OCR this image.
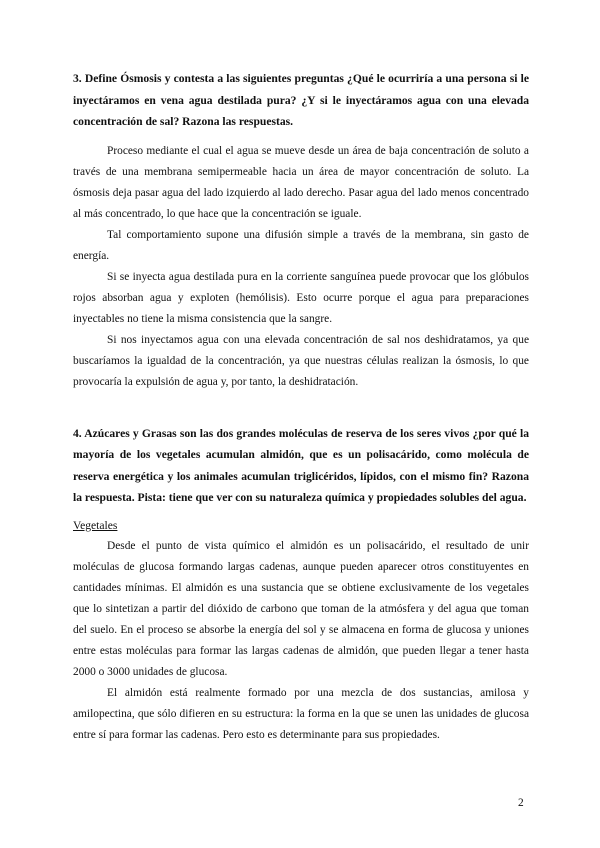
3. Define Ósmosis y contesta a las siguientes preguntas ¿Qué le ocurriría a una persona si le inyectáramos en vena agua destilada pura? ¿Y si le inyectáramos agua con una elevada concentración de sal? Razona las respuestas.

Proceso mediante el cual el agua se mueve desde un área de baja concentración de soluto a través de una membrana semipermeable hacia un área de mayor concentración de soluto. La ósmosis deja pasar agua del lado izquierdo al lado derecho. Pasar agua del lado menos concentrado al más concentrado, lo que hace que la concentración se iguale.

Tal comportamiento supone una difusión simple a través de la membrana, sin gasto de energía.

Si se inyecta agua destilada pura en la corriente sanguínea puede provocar que los glóbulos rojos absorban agua y exploten (hemólisis). Esto ocurre porque el agua para preparaciones inyectables no tiene la misma consistencia que la sangre.

Si nos inyectamos agua con una elevada concentración de sal nos deshidratamos, ya que buscaríamos la igualdad de la concentración, ya que nuestras células realizan la ósmosis, lo que provocaría la expulsión de agua y, por tanto, la deshidratación.

4. Azúcares y Grasas son las dos grandes moléculas de reserva de los seres vivos ¿por qué la mayoría de los vegetales acumulan almidón, que es un polisacárido, como molécula de reserva energética y los animales acumulan triglicéridos, lípidos, con el mismo fin? Razona la respuesta. Pista: tiene que ver con su naturaleza química y propiedades solubles del agua.

Vegetales

Desde el punto de vista químico el almidón es un polisacárido, el resultado de unir moléculas de glucosa formando largas cadenas, aunque pueden aparecer otros constituyentes en cantidades mínimas. El almidón es una sustancia que se obtiene exclusivamente de los vegetales que lo sintetizan a partir del dióxido de carbono que toman de la atmósfera y del agua que toman del suelo. En el proceso se absorbe la energía del sol y se almacena en forma de glucosa y uniones entre estas moléculas para formar las largas cadenas de almidón, que pueden llegar a tener hasta 2000 o 3000 unidades de glucosa.

El almidón está realmente formado por una mezcla de dos sustancias, amilosa y amilopectina, que sólo difieren en su estructura: la forma en la que se unen las unidades de glucosa entre sí para formar las cadenas. Pero esto es determinante para sus propiedades.

2
